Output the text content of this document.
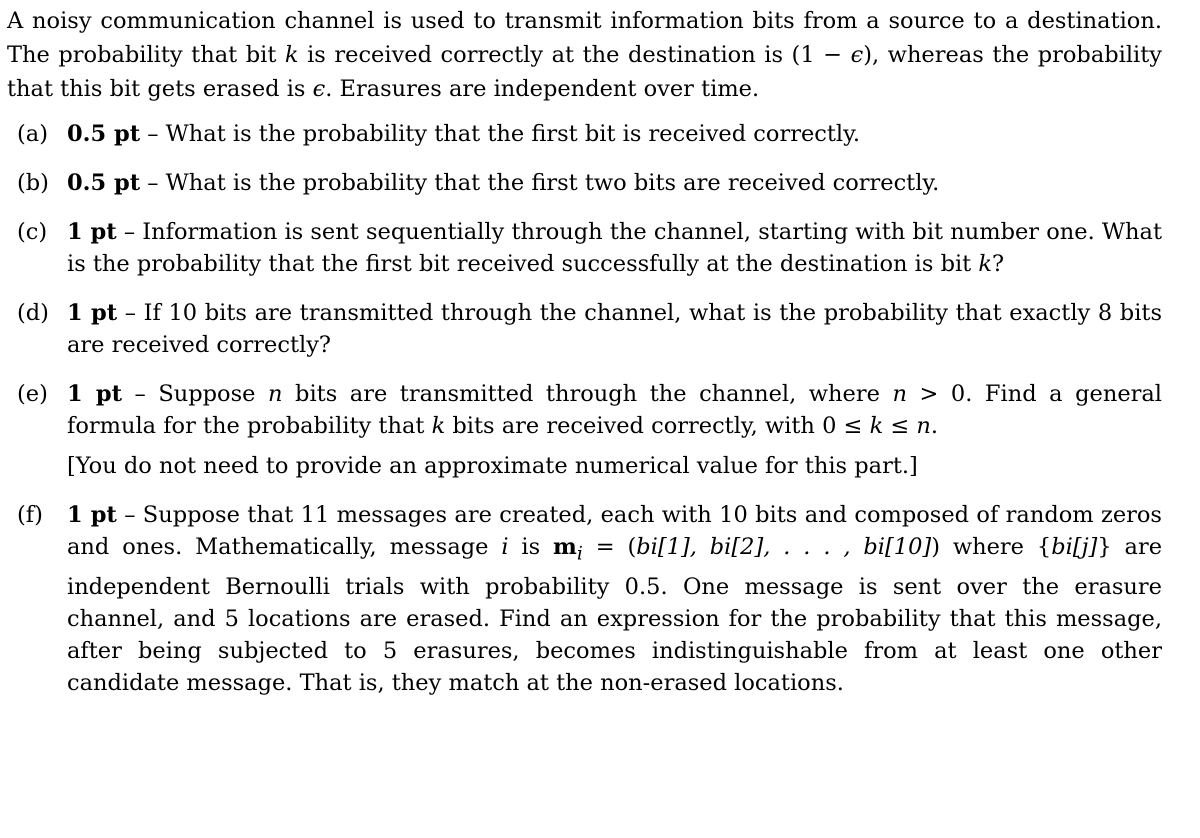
A noisy communication channel is used to transmit information bits from a source to a destination. The probability that bit k is received correctly at the destination is (1 − ϵ), whereas the probability that this bit gets erased is ϵ. Erasures are independent over time.

(a) 0.5 pt – What is the probability that the first bit is received correctly.
(b) 0.5 pt – What is the probability that the first two bits are received correctly.
(c) 1 pt – Information is sent sequentially through the channel, starting with bit number one. What is the probability that the first bit received successfully at the destination is bit k?
(d) 1 pt – If 10 bits are transmitted through the channel, what is the probability that exactly 8 bits are received correctly?
(e) 1 pt – Suppose n bits are transmitted through the channel, where n > 0. Find a general formula for the probability that k bits are received correctly, with 0 ≤ k ≤ n.
[You do not need to provide an approximate numerical value for this part.]
(f)	1 pt – Suppose that 11 messages are created, each with 10 bits and composed of random zeros and ones. Mathematically, message i is $m_i = (bi[1]$, bi[2], . . . , bi[10]) where {bi[j]} are independent Bernoulli trials with probability 0.5. One message is sent over the erasure channel, and 5 locations are erased. Find an expression for the probability that this message, after being subjected to 5 erasures, becomes indistinguishable from at least one other candidate message. That is, they match at the non-erased locations.
